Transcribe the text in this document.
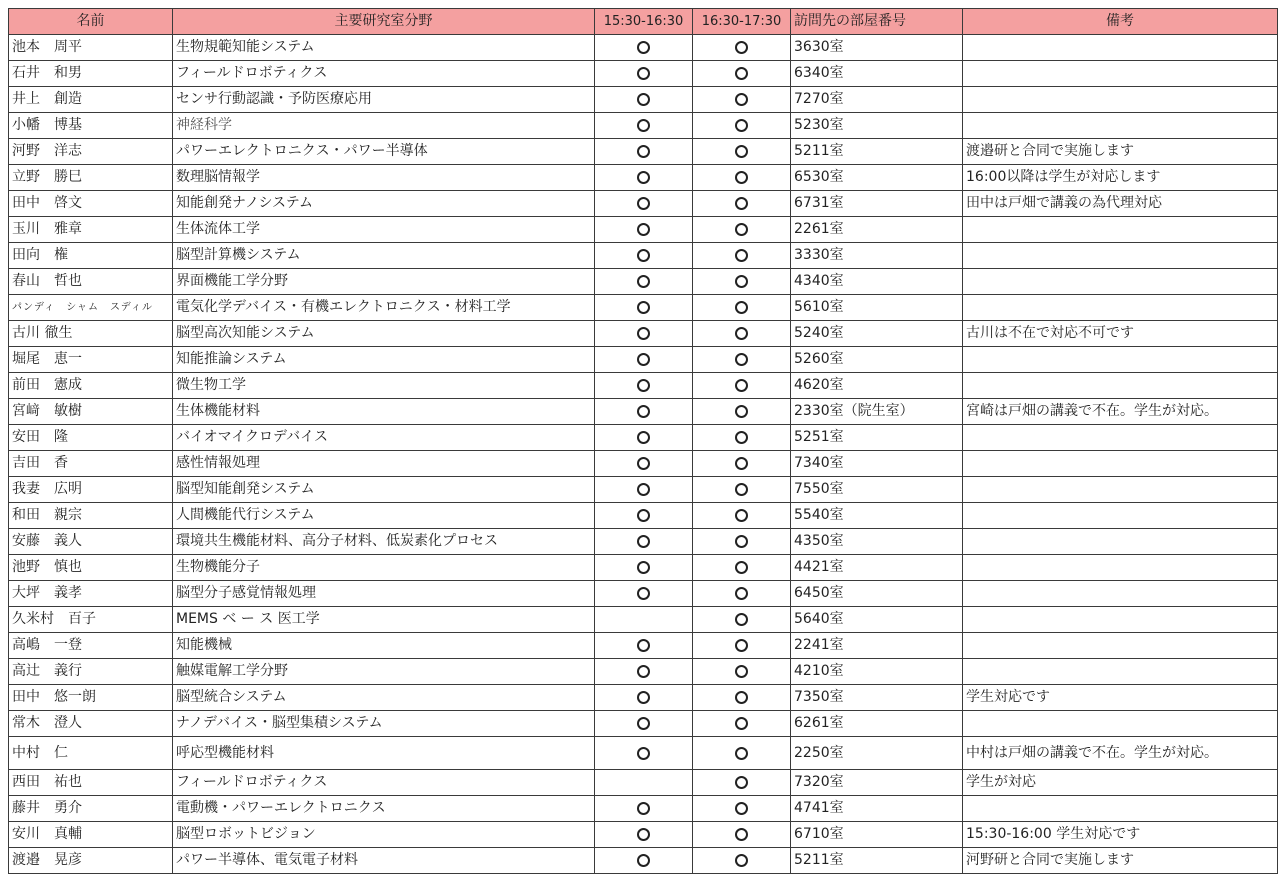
名前	主要研究室分野	15:30-16:30	16:30-17:30	訪問先の部屋番号	備考
池本　周平	生物規範知能システム			3630室	
石井　和男	フィールドロボティクス			6340室	
井上　創造	センサ行動認識・予防医療応用			7270室	
小幡　博基	神経科学			5230室	
河野　洋志	パワーエレクトロニクス・パワー半導体			5211室	渡邉研と合同で実施します
立野　勝巳	数理脳情報学			6530室	16:00以降は学生が対応します
田中　啓文	知能創発ナノシステム			6731室	田中は戸畑で講義の為代理対応
玉川　雅章	生体流体工学			2261室	
田向　権	脳型計算機システム			3330室	
春山　哲也	界面機能工学分野			4340室	
パンディ　シャム　スディル	電気化学デバイス・有機エレクトロニクス・材料工学			5610室	
古川 徹生	脳型高次知能システム			5240室	古川は不在で対応不可です
堀尾　恵一	知能推論システム			5260室	
前田　憲成	微生物工学			4620室	
宮﨑　敏樹	生体機能材料			2330室（院生室）	宮崎は戸畑の講義で不在。学生が対応。
安田　隆	バイオマイクロデバイス			5251室	
吉田　香	感性情報処理			7340室	
我妻　広明	脳型知能創発システム			7550室	
和田　親宗	人間機能代行システム			5540室	
安藤　義人	環境共生機能材料、高分子材料、低炭素化プロセス			4350室	
池野　慎也	生物機能分子			4421室	
大坪　義孝	脳型分子感覚情報処理			6450室	
久米村　百子	MEMS ベ ー ス 医工学			5640室	
高嶋　一登	知能機械			2241室	
高辻　義行	触媒電解工学分野			4210室	
田中　悠一朗	脳型統合システム			7350室	学生対応です
常木　澄人	ナノデバイス・脳型集積システム			6261室	
中村　仁	呼応型機能材料			2250室	中村は戸畑の講義で不在。学生が対応。
西田　祐也	フィールドロボティクス			7320室	学生が対応
藤井　勇介	電動機・パワーエレクトロニクス			4741室	
安川　真輔	脳型ロボットビジョン			6710室	15:30-16:00 学生対応です
渡邉　晃彦	パワー半導体、電気電子材料			5211室	河野研と合同で実施します
